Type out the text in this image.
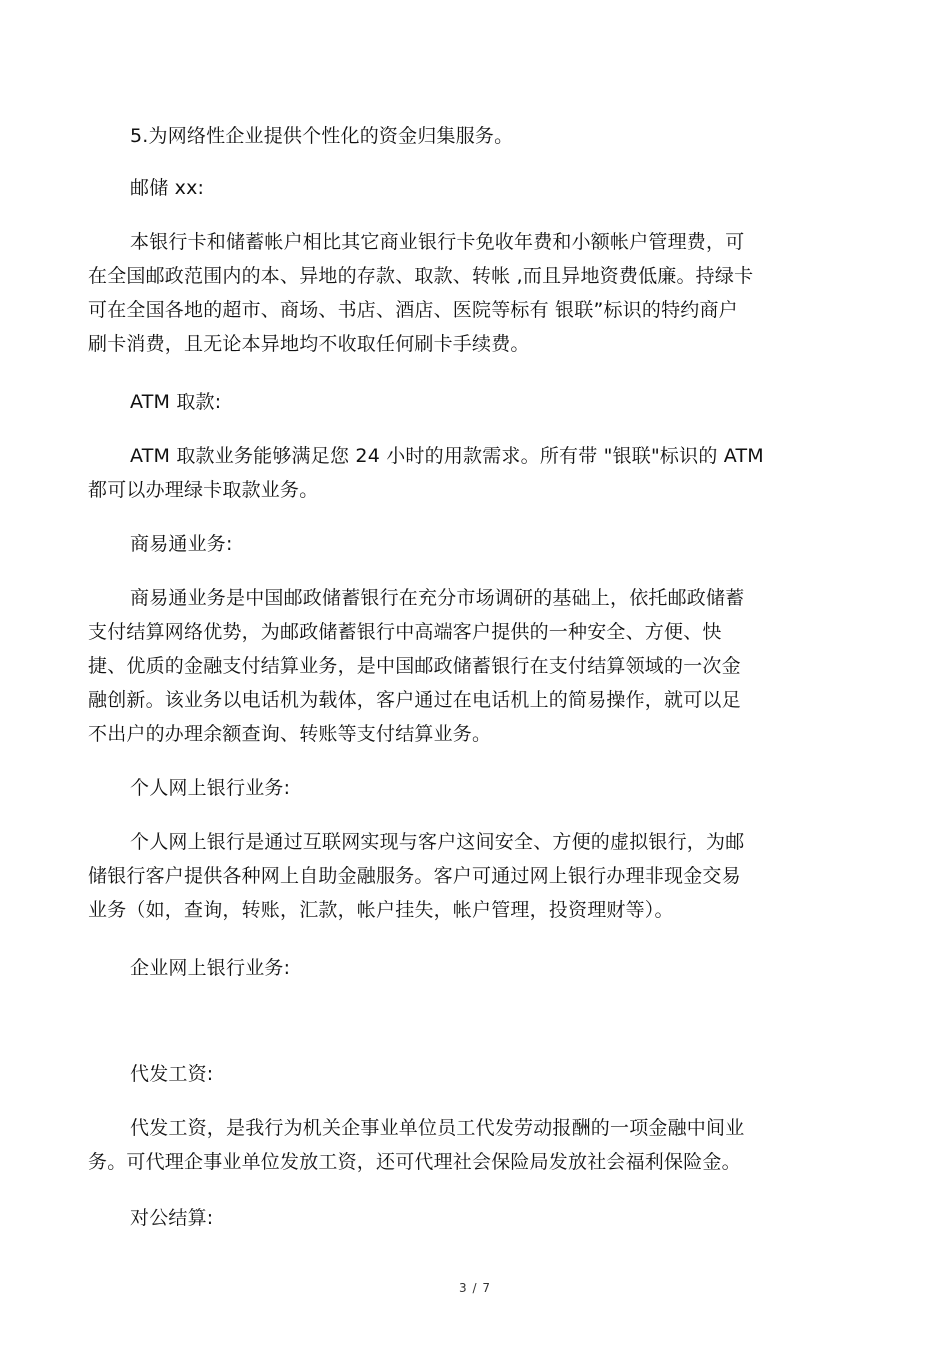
5.为网络性企业提供个性化的资金归集服务。
邮储 xx:
本银行卡和储蓄帐户相比其它商业银行卡免收年费和小额帐户管理费，可
在全国邮政范围内的本、异地的存款、取款、转帐 ,而且异地资费低廉。持绿卡
可在全国各地的超市、商场、书店、酒店、医院等标有 银联”标识的特约商户
刷卡消费，且无论本异地均不收取任何刷卡手续费。
ATM 取款:
ATM 取款业务能够满足您 24 小时的用款需求。所有带 "银联"标识的 ATM
都可以办理绿卡取款业务。
商易通业务:
商易通业务是中国邮政储蓄银行在充分市场调研的基础上，依托邮政储蓄
支付结算网络优势，为邮政储蓄银行中高端客户提供的一种安全、方便、快
捷、优质的金融支付结算业务，是中国邮政储蓄银行在支付结算领域的一次金
融创新。该业务以电话机为载体，客户通过在电话机上的简易操作，就可以足
不出户的办理余额查询、转账等支付结算业务。
个人网上银行业务:
个人网上银行是通过互联网实现与客户这间安全、方便的虚拟银行，为邮
储银行客户提供各种网上自助金融服务。客户可通过网上银行办理非现金交易
业务（如，查询，转账，汇款，帐户挂失，帐户管理，投资理财等）。
企业网上银行业务:
代发工资:
代发工资，是我行为机关企事业单位员工代发劳动报酬的一项金融中间业
务。可代理企事业单位发放工资，还可代理社会保险局发放社会福利保险金。
对公结算:
3 / 7
